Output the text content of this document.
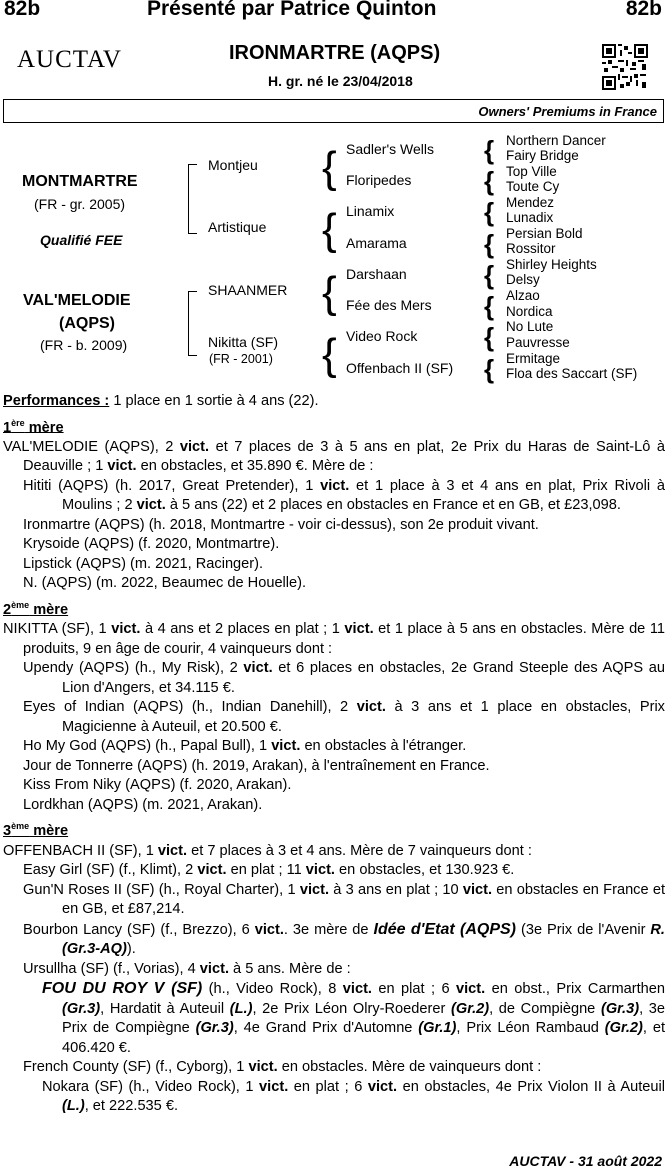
82b	Présenté par Patrice Quinton	82b
AUCTAV	IRONMARTRE (AQPS)
H. gr. né le 23/04/2018
Owners' Premiums in France
MONTMARTRE
(FR - gr. 2005)
Qualifié FEE
VAL'MELODIE
(AQPS)
(FR - b. 2009)
Montjeu
Artistique
SHAANMER
Nikitta (SF)
(FR - 2001)
{
{
{
{
Sadler's Wells
Floripedes
Linamix
Amarama
Darshaan
Fée des Mers
Video Rock
Offenbach II (SF)
{
{
{
{
{
{
{
{
Northern Dancer
Fairy Bridge
Top Ville
Toute Cy
Mendez
Lunadix
Persian Bold
Rossitor
Shirley Heights
Delsy
Alzao
Nordica
No Lute
Pauvresse
Ermitage
Floa des Saccart (SF)

Performances : 1 place en 1 sortie à 4 ans (22).

1ère mère

VAL'MELODIE (AQPS), 2 vict. et 7 places de 3 à 5 ans en plat, 2e Prix du Haras de Saint-Lô à Deauville ; 1 vict. en obstacles, et 35.890 €. Mère de :

Hititi (AQPS) (h. 2017, Great Pretender), 1 vict. et 1 place à 3 et 4 ans en plat, Prix Rivoli à Moulins ; 2 vict. à 5 ans (22) et 2 places en obstacles en France et en GB, et £23,098.

Ironmartre (AQPS) (h. 2018, Montmartre - voir ci-dessus), son 2e produit vivant.

Krysoide (AQPS) (f. 2020, Montmartre).

Lipstick (AQPS) (m. 2021, Racinger).

N. (AQPS) (m. 2022, Beaumec de Houelle).

2ème mère

NIKITTA (SF), 1 vict. à 4 ans et 2 places en plat ; 1 vict. et 1 place à 5 ans en obstacles. Mère de 11 produits, 9 en âge de courir, 4 vainqueurs dont :

Upendy (AQPS) (h., My Risk), 2 vict. et 6 places en obstacles, 2e Grand Steeple des AQPS au Lion d'Angers, et 34.115 €.

Eyes of Indian (AQPS) (h., Indian Danehill), 2 vict. à 3 ans et 1 place en obstacles, Prix Magicienne à Auteuil, et 20.500 €.

Ho My God (AQPS) (h., Papal Bull), 1 vict. en obstacles à l'étranger.

Jour de Tonnerre (AQPS) (h. 2019, Arakan), à l'entraînement en France.

Kiss From Niky (AQPS) (f. 2020, Arakan).

Lordkhan (AQPS) (m. 2021, Arakan).

3ème mère

OFFENBACH II (SF), 1 vict. et 7 places à 3 et 4 ans. Mère de 7 vainqueurs dont :

Easy Girl (SF) (f., Klimt), 2 vict. en plat ; 11 vict. en obstacles, et 130.923 €.

Gun'N Roses II (SF) (h., Royal Charter), 1 vict. à 3 ans en plat ; 10 vict. en obstacles en France et en GB, et £87,214.

Bourbon Lancy (SF) (f., Brezzo), 6 vict.. 3e mère de Idée d'Etat (AQPS) (3e Prix de l'Avenir R. (Gr.3-AQ)).

Ursullha (SF) (f., Vorias), 4 vict. à 5 ans. Mère de :

FOU DU ROY V (SF) (h., Video Rock), 8 vict. en plat ; 6 vict. en obst., Prix Carmarthen (Gr.3), Hardatit à Auteuil (L.), 2e Prix Léon Olry-Roederer (Gr.2), de Compiègne (Gr.3), 3e Prix de Compiègne (Gr.3), 4e Grand Prix d'Automne (Gr.1), Prix Léon Rambaud (Gr.2), et 406.420 €.

French County (SF) (f., Cyborg), 1 vict. en obstacles. Mère de vainqueurs dont :

Nokara (SF) (h., Video Rock), 1 vict. en plat ; 6 vict. en obstacles, 4e Prix Violon II à Auteuil (L.), et 222.535 €.

AUCTAV - 31 août 2022
